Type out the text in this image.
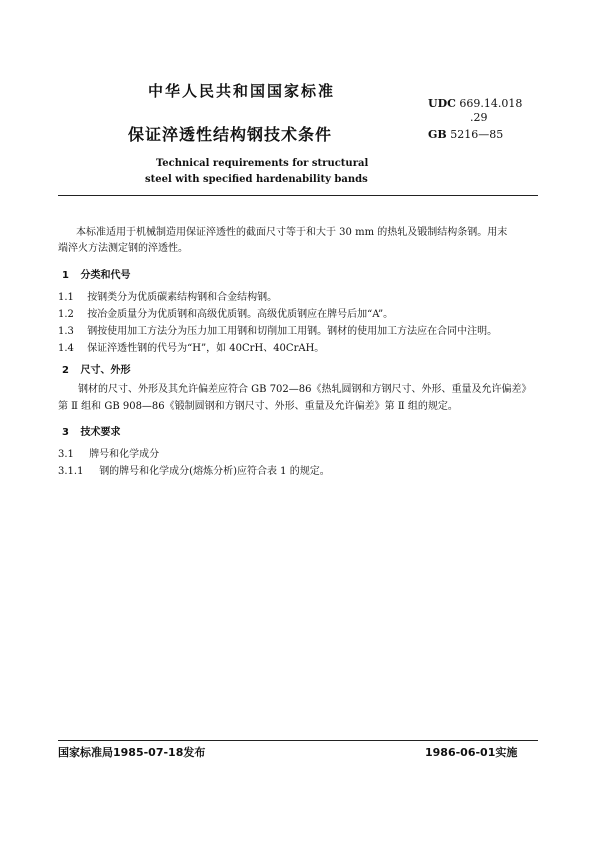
中华人民共和国国家标准
UDC 669.14.018
.29
保证淬透性结构钢技术条件	GB 5216—85
Technical requirements for structural
steel with specified hardenability bands
本标准适用于机械制造用保证淬透性的截面尺寸等于和大于 30 mm 的热轧及锻制结构条钢。用末
端淬火方法测定钢的淬透性。
1 分类和代号
1.1 按钢类分为优质碳素结构钢和合金结构钢。
1.2 按冶金质量分为优质钢和高级优质钢。高级优质钢应在牌号后加“A”。
1.3 钢按使用加工方法分为压力加工用钢和切削加工用钢。钢材的使用加工方法应在合同中注明。
1.4 保证淬透性钢的代号为“H”，如 40CrH、40CrAH。
2 尺寸、外形
钢材的尺寸、外形及其允许偏差应符合 GB 702—86《热轧圆钢和方钢尺寸、外形、重量及允许偏差》
第 Ⅱ 组和 GB 908—86《锻制圆钢和方钢尺寸、外形、重量及允许偏差》第 Ⅱ 组的规定。
3 技术要求
3.1 牌号和化学成分
3.1.1 钢的牌号和化学成分(熔炼分析)应符合表 1 的规定。
国家标准局1985-07-18发布	1986-06-01实施
